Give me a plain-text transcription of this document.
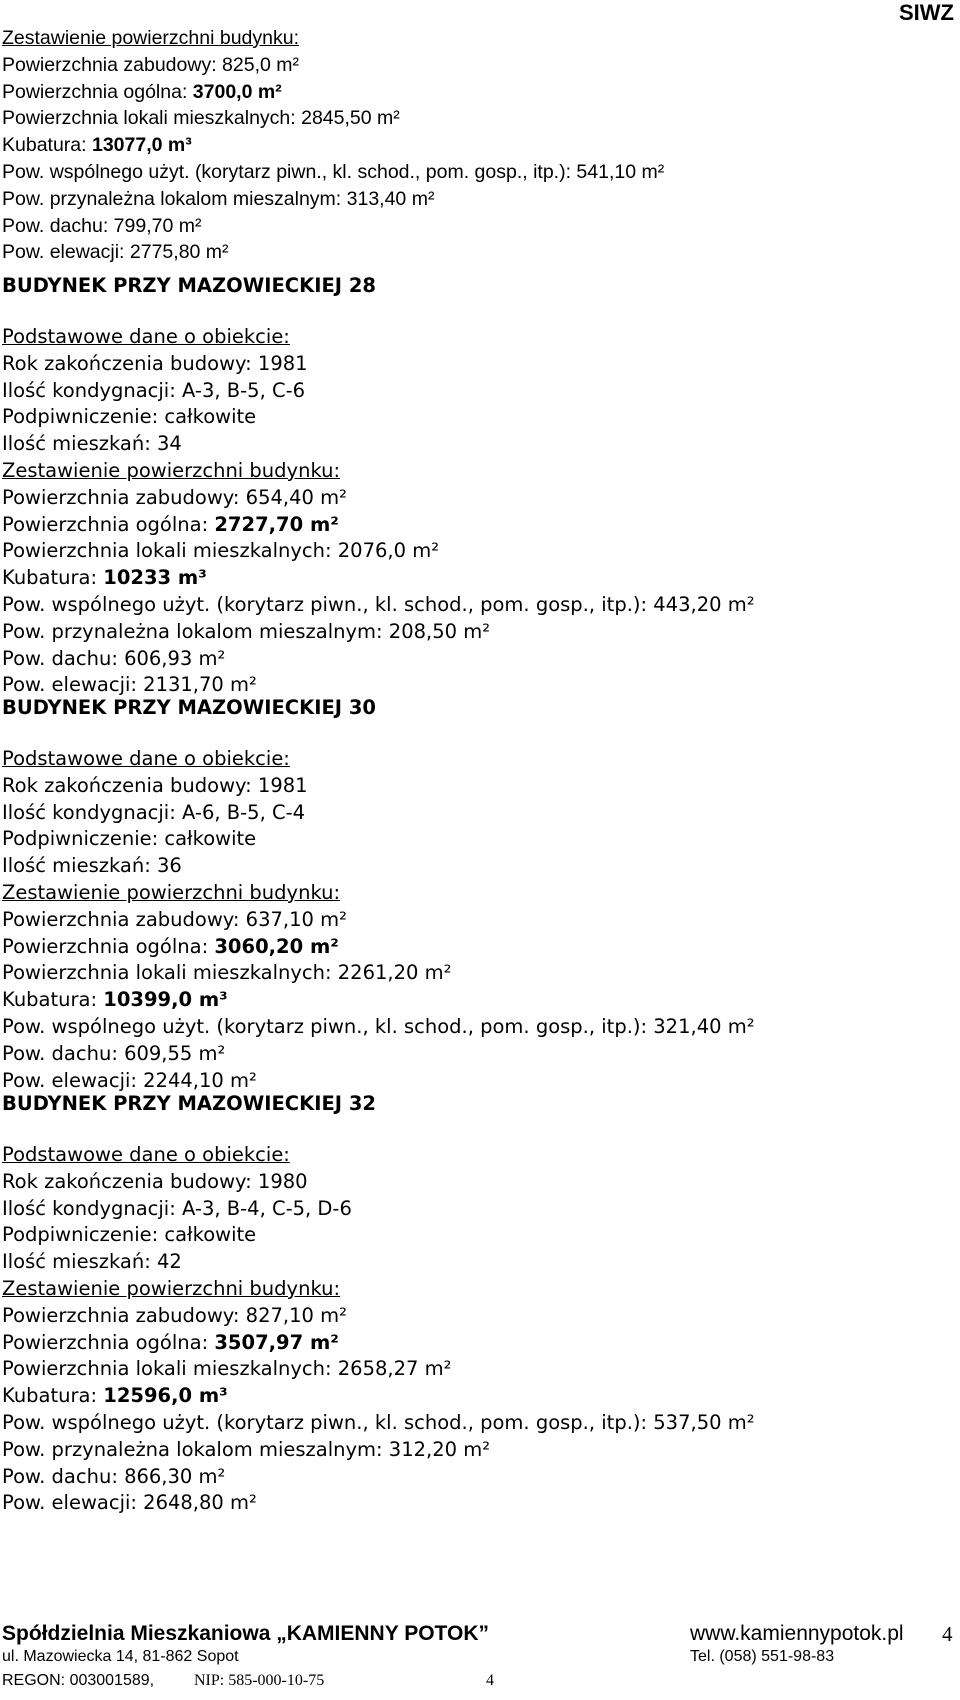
SIWZ
Zestawienie powierzchni budynku:
Powierzchnia zabudowy: 825,0 m²
Powierzchnia ogólna: 3700,0 m²
Powierzchnia lokali mieszkalnych: 2845,50 m²
Kubatura: 13077,0 m³
Pow. wspólnego użyt. (korytarz piwn., kl. schod., pom. gosp., itp.): 541,10 m²
Pow. przynależna lokalom mieszalnym: 313,40 m²
Pow. dachu: 799,70 m²
Pow. elewacji: 2775,80 m²
BUDYNEK PRZY MAZOWIECKIEJ 28
Podstawowe dane o obiekcie:
Rok zakończenia budowy: 1981
Ilość kondygnacji: A-3, B-5, C-6
Podpiwniczenie: całkowite
Ilość mieszkań: 34
Zestawienie powierzchni budynku:
Powierzchnia zabudowy: 654,40 m²
Powierzchnia ogólna: 2727,70 m²
Powierzchnia lokali mieszkalnych: 2076,0 m²
Kubatura: 10233 m³
Pow. wspólnego użyt. (korytarz piwn., kl. schod., pom. gosp., itp.): 443,20 m²
Pow. przynależna lokalom mieszalnym: 208,50 m²
Pow. dachu: 606,93 m²
Pow. elewacji: 2131,70 m²
BUDYNEK PRZY MAZOWIECKIEJ 30
Podstawowe dane o obiekcie:
Rok zakończenia budowy: 1981
Ilość kondygnacji: A-6, B-5, C-4
Podpiwniczenie: całkowite
Ilość mieszkań: 36
Zestawienie powierzchni budynku:
Powierzchnia zabudowy: 637,10 m²
Powierzchnia ogólna: 3060,20 m²
Powierzchnia lokali mieszkalnych: 2261,20 m²
Kubatura: 10399,0 m³
Pow. wspólnego użyt. (korytarz piwn., kl. schod., pom. gosp., itp.): 321,40 m²
Pow. dachu: 609,55 m²
Pow. elewacji: 2244,10 m²
BUDYNEK PRZY MAZOWIECKIEJ 32
Podstawowe dane o obiekcie:
Rok zakończenia budowy: 1980
Ilość kondygnacji: A-3, B-4, C-5, D-6
Podpiwniczenie: całkowite
Ilość mieszkań: 42
Zestawienie powierzchni budynku:
Powierzchnia zabudowy: 827,10 m²
Powierzchnia ogólna: 3507,97 m²
Powierzchnia lokali mieszkalnych: 2658,27 m²
Kubatura: 12596,0 m³
Pow. wspólnego użyt. (korytarz piwn., kl. schod., pom. gosp., itp.): 537,50 m²
Pow. przynależna lokalom mieszalnym: 312,20 m²
Pow. dachu: 866,30 m²
Pow. elewacji: 2648,80 m²
Spółdzielnia Mieszkaniowa „KAMIENNY POTOK”	www.kamiennypotok.pl 4
ul. Mazowiecka 14, 81-862 Sopot	Tel. (058) 551-98-83
REGON: 003001589, NIP: 585-000-10-75	4
